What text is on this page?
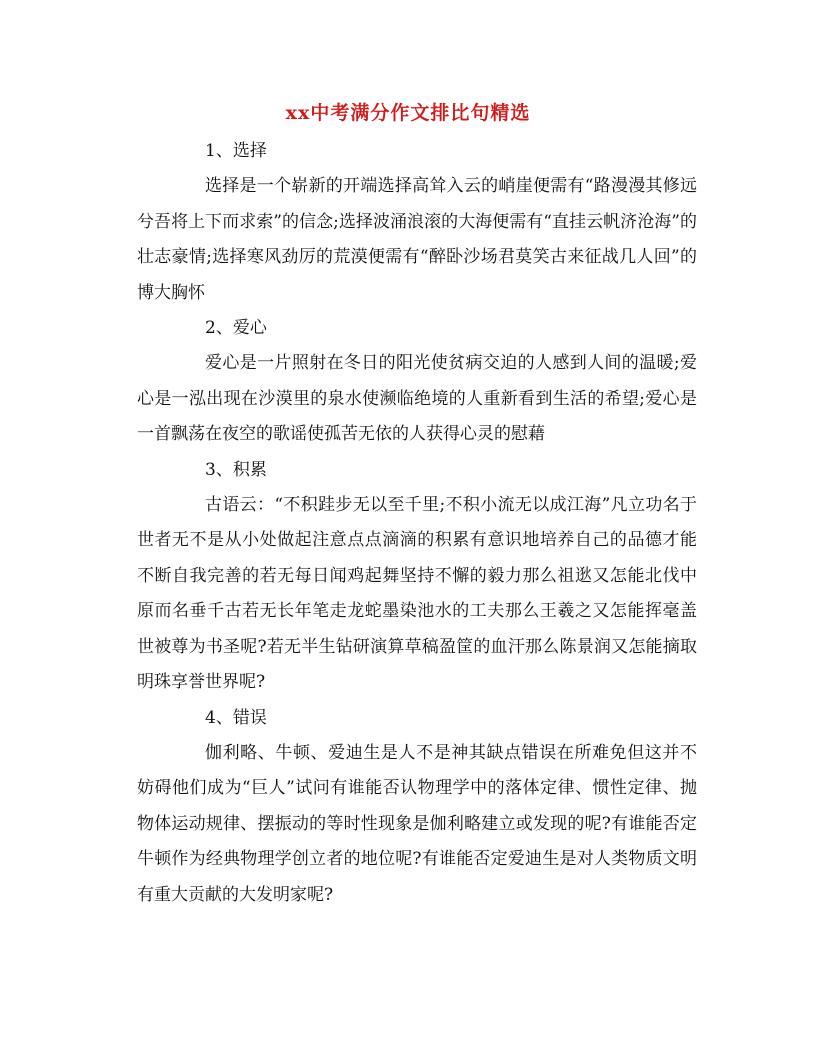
xx中考满分作文排比句精选

1、选择

选择是一个崭新的开端选择高耸入云的峭崖便需有“路漫漫其修远兮吾将上下而求索”的信念;选择波涌浪滚的大海便需有“直挂云帆济沧海”的壮志豪情;选择寒风劲厉的荒漠便需有“醉卧沙场君莫笑古来征战几人回”的博大胸怀

2、爱心

爱心是一片照射在冬日的阳光使贫病交迫的人感到人间的温暖;爱心是一泓出现在沙漠里的泉水使濒临绝境的人重新看到生活的希望;爱心是一首飘荡在夜空的歌谣使孤苦无依的人获得心灵的慰藉

3、积累

古语云：“不积跬步无以至千里;不积小流无以成江海”凡立功名于世者无不是从小处做起注意点点滴滴的积累有意识地培养自己的品德才能不断自我完善的若无每日闻鸡起舞坚持不懈的毅力那么祖逖又怎能北伐中原而名垂千古若无长年笔走龙蛇墨染池水的工夫那么王羲之又怎能挥毫盖世被尊为书圣呢?若无半生钻研演算草稿盈筐的血汗那么陈景润又怎能摘取明珠享誉世界呢?

4、错误

伽利略、牛顿、爱迪生是人不是神其缺点错误在所难免但这并不妨碍他们成为“巨人”试问有谁能否认物理学中的落体定律、惯性定律、抛物体运动规律、摆振动的等时性现象是伽利略建立或发现的呢?有谁能否定牛顿作为经典物理学创立者的地位呢?有谁能否定爱迪生是对人类物质文明有重大贡献的大发明家呢?
